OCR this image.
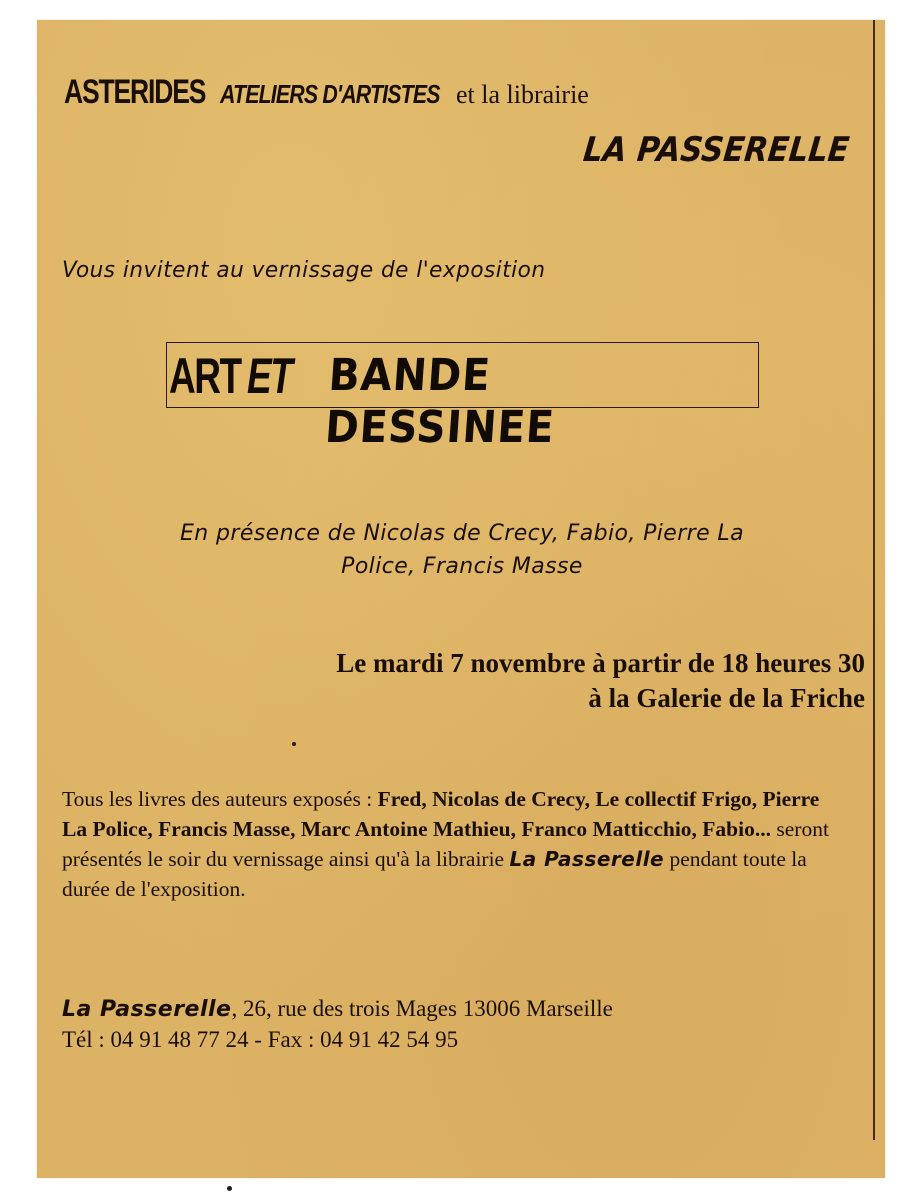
ASTERIDES ATELIERS D'ARTISTES et la librairie
LA PASSERELLE
Vous invitent au vernissage de l'exposition
ART ET BANDE DESSINEE
En présence de Nicolas de Crecy, Fabio, Pierre La
Police, Francis Masse
Le mardi 7 novembre à partir de 18 heures 30
à la Galerie de la Friche
Tous les livres des auteurs exposés : Fred, Nicolas de Crecy, Le collectif Frigo, Pierre La Police, Francis Masse, Marc Antoine Mathieu, Franco Matticchio, Fabio... seront présentés le soir du vernissage ainsi qu'à la librairie La Passerelle pendant toute la durée de l'exposition.
La Passerelle, 26, rue des trois Mages 13006 Marseille
Tél : 04 91 48 77 24 - Fax : 04 91 42 54 95
